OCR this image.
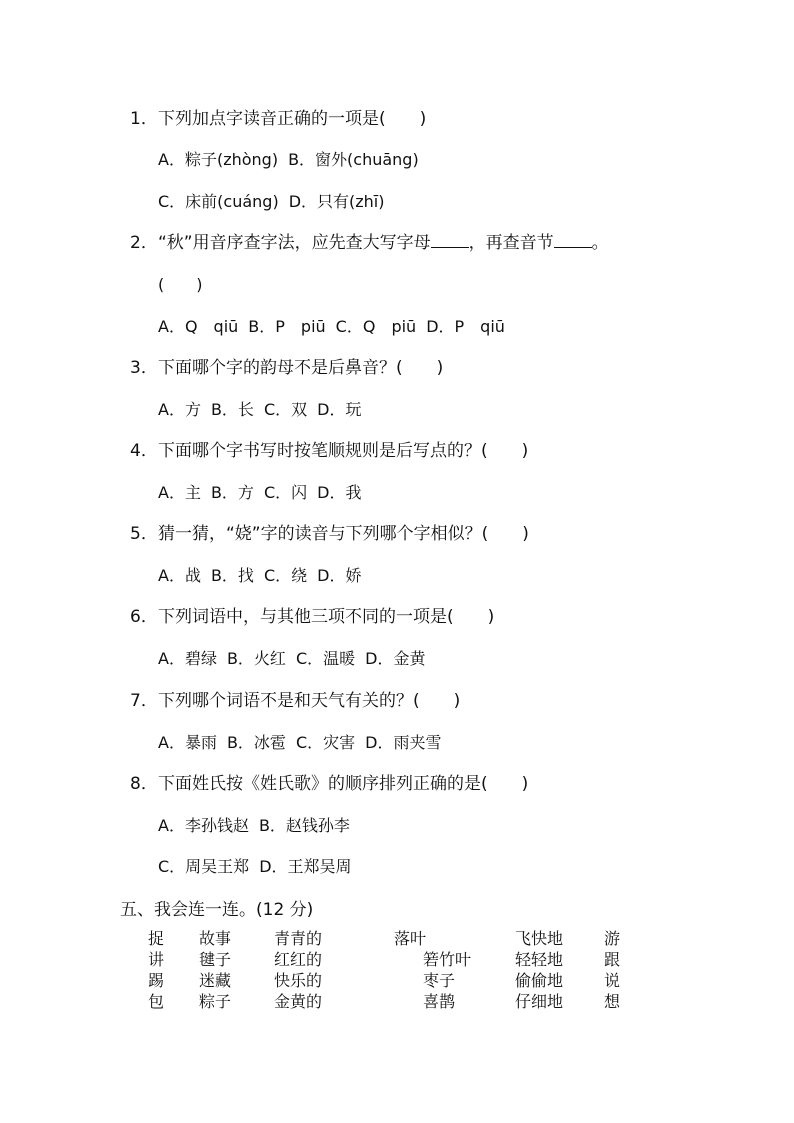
1．下列加点字读音正确的一项是(　　)
A．粽子(zhòng) B．窗外(chuāng)
C．床前(cuáng) D．只有(zhī)
2．“秋”用音序查字法，应先查大写字母 ，再查音节 。
(　　)
A．Q　qiū B．P　piū C．Q　piū D．P　qiū
3．下面哪个字的韵母不是后鼻音？(　　)
A．方 B．长 C．双 D．玩
4．下面哪个字书写时按笔顺规则是后写点的？(　　)
A．主 B．方 C．闪 D．我
5．猜一猜，“娆”字的读音与下列哪个字相似？(　　)
A．战 B．找 C．绕 D．娇
6．下列词语中，与其他三项不同的一项是(　　)
A．碧绿 B．火红 C．温暖 D．金黄
7．下列哪个词语不是和天气有关的？(　　)
A．暴雨 B．冰雹 C．灾害 D．雨夹雪
8．下面姓氏按《姓氏歌》的顺序排列正确的是(　　)
A．李孙钱赵 B．赵钱孙李
C．周吴王郑 D．王郑吴周
五、我会连一连。(12 分)
捉
讲
踢
包
故事
毽子
迷藏
粽子
青青的
红红的
快乐的
金黄的
落叶
箬竹叶
枣子
喜鹊
飞快地
轻轻地
偷偷地
仔细地
游
跟
说
想
